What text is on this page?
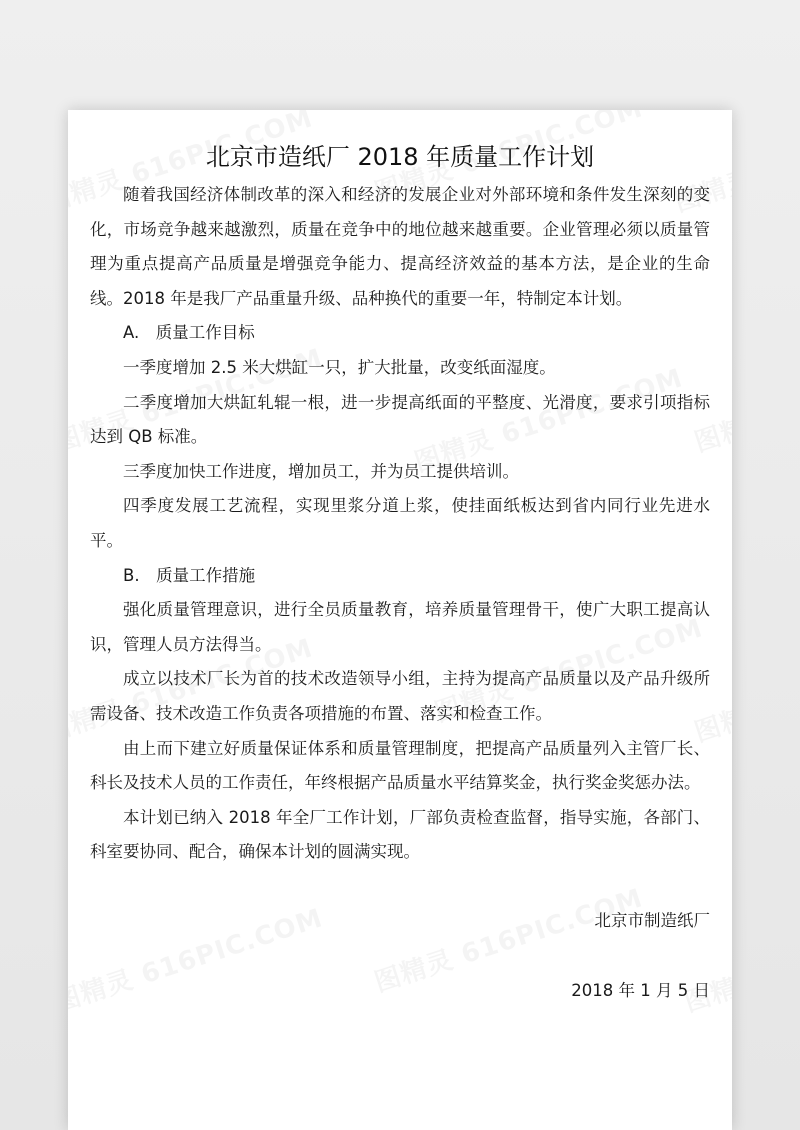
北京市造纸厂 2018 年质量工作计划

随着我国经济体制改革的深入和经济的发展企业对外部环境和条件发生深刻的变化，市场竞争越来越激烈，质量在竞争中的地位越来越重要。企业管理必须以质量管理为重点提高产品质量是增强竞争能力、提高经济效益的基本方法，是企业的生命线。2018 年是我厂产品重量升级、品种换代的重要一年，特制定本计划。

A.　质量工作目标

一季度增加 2.5 米大烘缸一只，扩大批量，改变纸面湿度。

二季度增加大烘缸轧辊一根，进一步提高纸面的平整度、光滑度，要求引项指标达到 QB 标准。

三季度加快工作进度，增加员工，并为员工提供培训。

四季度发展工艺流程，实现里浆分道上浆，使挂面纸板达到省内同行业先进水平。

B.　质量工作措施

强化质量管理意识，进行全员质量教育，培养质量管理骨干，使广大职工提高认识，管理人员方法得当。

成立以技术厂长为首的技术改造领导小组，主持为提高产品质量以及产品升级所需设备、技术改造工作负责各项措施的布置、落实和检查工作。

由上而下建立好质量保证体系和质量管理制度，把提高产品质量列入主管厂长、科长及技术人员的工作责任，年终根据产品质量水平结算奖金，执行奖金奖惩办法。

本计划已纳入 2018 年全厂工作计划，厂部负责检查监督，指导实施，各部门、科室要协同、配合，确保本计划的圆满实现。

北京市制造纸厂

2018 年 1 月 5 日
